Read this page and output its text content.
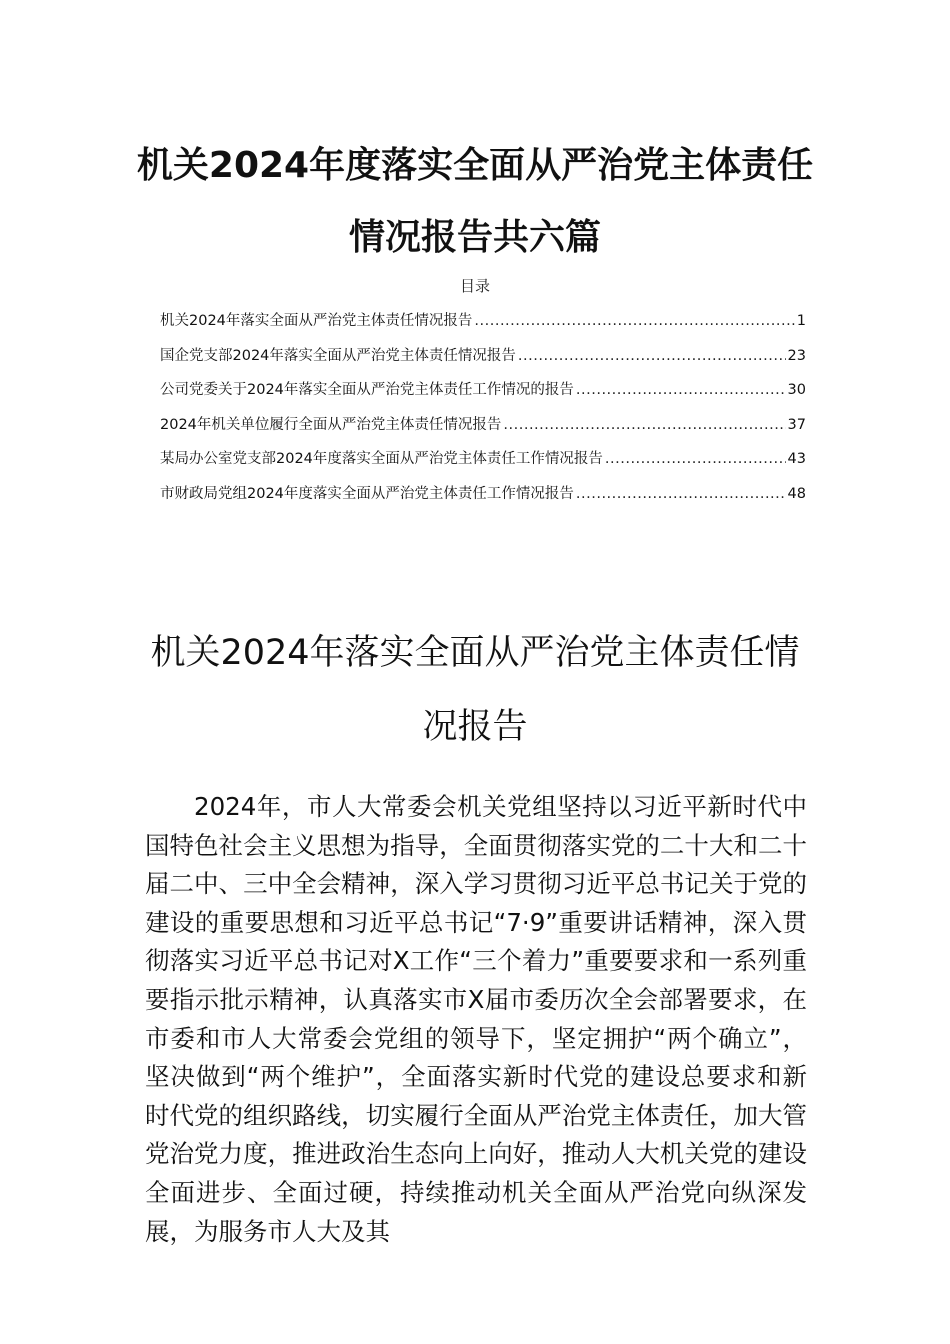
机关2024年度落实全面从严治党主体责任情况报告共六篇
目录
机关2024年落实全面从严治党主体责任情况报告 .....	1
国企党支部2024年落实全面从严治党主体责任情况报告 .....	23
公司党委关于2024年落实全面从严治党主体责任工作情况的报告 .....	30
2024年机关单位履行全面从严治党主体责任情况报告 .....	37
某局办公室党支部2024年度落实全面从严治党主体责任工作情况报告 .....	43
市财政局党组2024年度落实全面从严治党主体责任工作情况报告 .....	48
机关2024年落实全面从严治党主体责任情况报告

2024年，市人大常委会机关党组坚持以习近平新时代中国特色社会主义思想为指导，全面贯彻落实党的二十大和二十届二中、三中全会精神，深入学习贯彻习近平总书记关于党的建设的重要思想和习近平总书记“7·9”重要讲话精神，深入贯彻落实习近平总书记对X工作“三个着力”重要要求和一系列重要指示批示精神，认真落实市X届市委历次全会部署要求，在市委和市人大常委会党组的领导下，坚定拥护“两个确立”，坚决做到“两个维护”，全面落实新时代党的建设总要求和新时代党的组织路线，切实履行全面从严治党主体责任，加大管党治党力度，推进政治生态向上向好，推动人大机关党的建设全面进步、全面过硬，持续推动机关全面从严治党向纵深发展，为服务市人大及其
